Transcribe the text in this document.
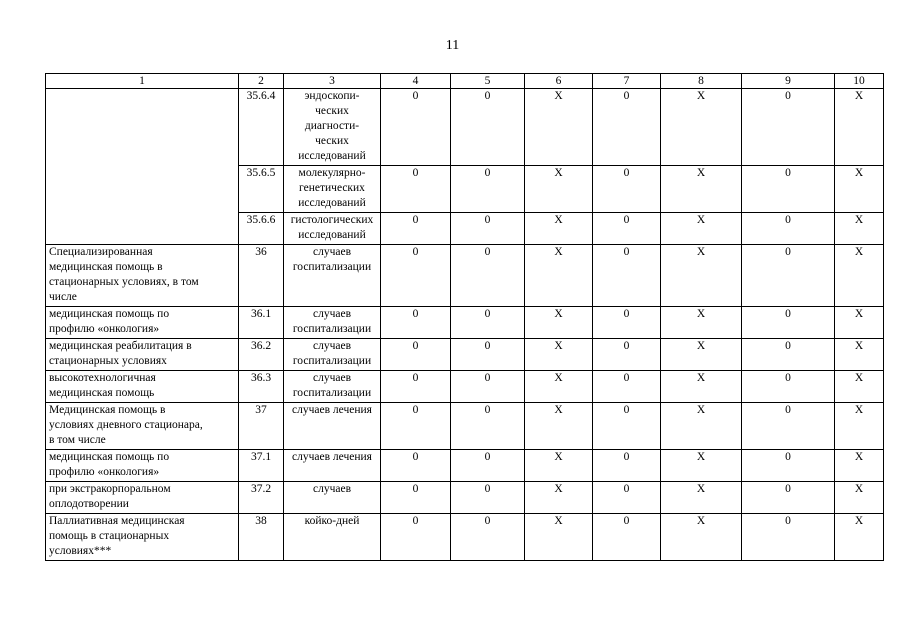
11
1	2	3	4	5	6	7	8	9	10
	35.6.4	эндоскопи-
ческих
диагности-
ческих
исследований	0	0	Х	0	Х	0	Х
	35.6.5	молекулярно-
генетических
исследований	0	0	Х	0	Х	0	Х
	35.6.6	гистологических
исследований	0	0	Х	0	Х	0	Х
Специализированная
медицинская помощь в
стационарных условиях, в том
числе	36	случаев
госпитализации	0	0	Х	0	Х	0	Х
медицинская помощь по
профилю «онкология»	36.1	случаев
госпитализации	0	0	Х	0	Х	0	Х
медицинская реабилитация в
стационарных условиях	36.2	случаев
госпитализации	0	0	Х	0	Х	0	Х
высокотехнологичная
медицинская помощь	36.3	случаев
госпитализации	0	0	Х	0	Х	0	Х
Медицинская помощь в
условиях дневного стационара,
в том числе	37	случаев лечения	0	0	Х	0	Х	0	Х
медицинская помощь по
профилю «онкология»	37.1	случаев лечения	0	0	Х	0	Х	0	Х
при экстракорпоральном
оплодотворении	37.2	случаев	0	0	Х	0	Х	0	Х
Паллиативная медицинская
помощь в стационарных
условиях***	38	койко-дней	0	0	Х	0	Х	0	Х
